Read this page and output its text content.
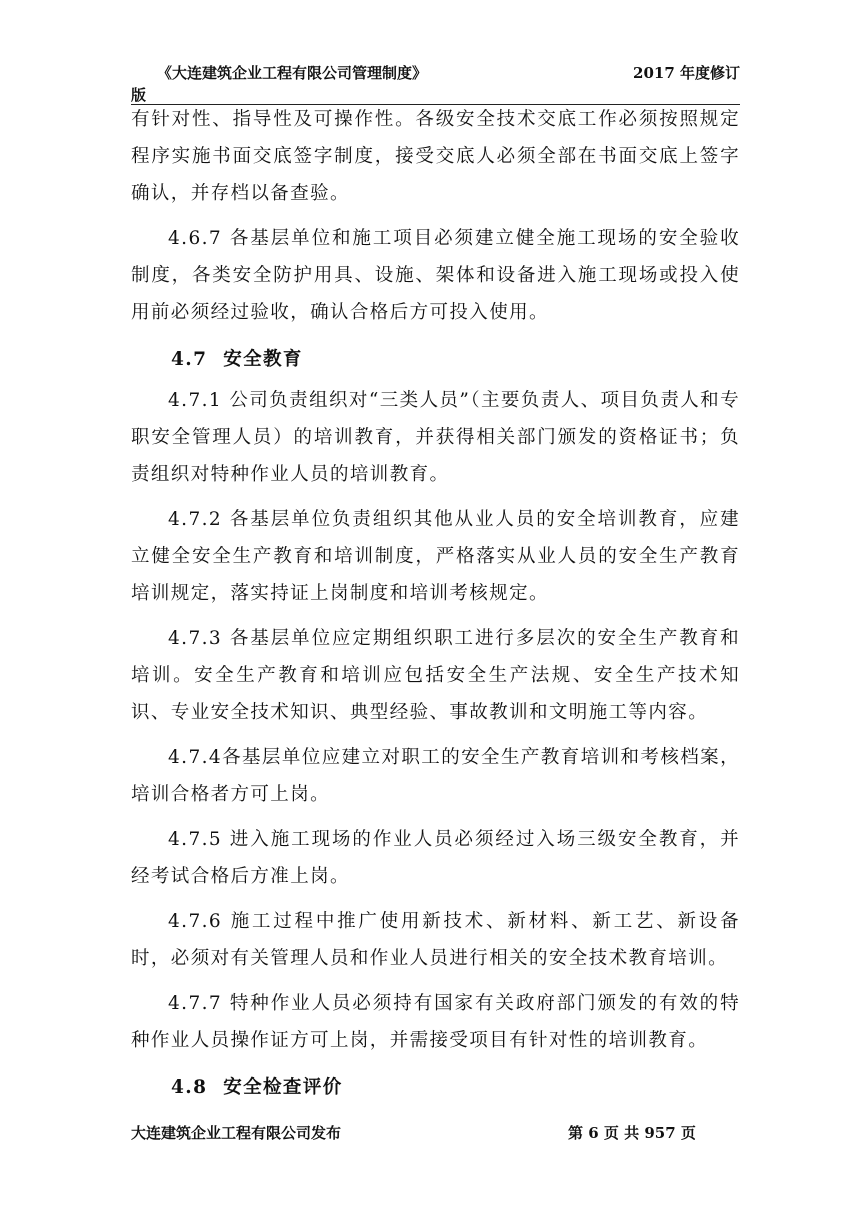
《大连建筑企业工程有限公司管理制度》	2017 年度修订
版

有针对性、指导性及可操作性。各级安全技术交底工作必须按照规定程序实施书面交底签字制度，接受交底人必须全部在书面交底上签字确认，并存档以备查验。

4.6.7 各基层单位和施工项目必须建立健全施工现场的安全验收制度，各类安全防护用具、设施、架体和设备进入施工现场或投入使用前必须经过验收，确认合格后方可投入使用。

4.7 安全教育

4.7.1 公司负责组织对“三类人员”（主要负责人、项目负责人和专职安全管理人员）的培训教育，并获得相关部门颁发的资格证书；负责组织对特种作业人员的培训教育。

4.7.2 各基层单位负责组织其他从业人员的安全培训教育，应建立健全安全生产教育和培训制度，严格落实从业人员的安全生产教育培训规定，落实持证上岗制度和培训考核规定。

4.7.3 各基层单位应定期组织职工进行多层次的安全生产教育和培训。安全生产教育和培训应包括安全生产法规、安全生产技术知识、专业安全技术知识、典型经验、事故教训和文明施工等内容。

4.7.4各基层单位应建立对职工的安全生产教育培训和考核档案，培训合格者方可上岗。

4.7.5 进入施工现场的作业人员必须经过入场三级安全教育，并经考试合格后方准上岗。

4.7.6 施工过程中推广使用新技术、新材料、新工艺、新设备时，必须对有关管理人员和作业人员进行相关的安全技术教育培训。

4.7.7 特种作业人员必须持有国家有关政府部门颁发的有效的特种作业人员操作证方可上岗，并需接受项目有针对性的培训教育。

4.8 安全检查评价
大连建筑企业工程有限公司发布	第 6 页 共 957 页
